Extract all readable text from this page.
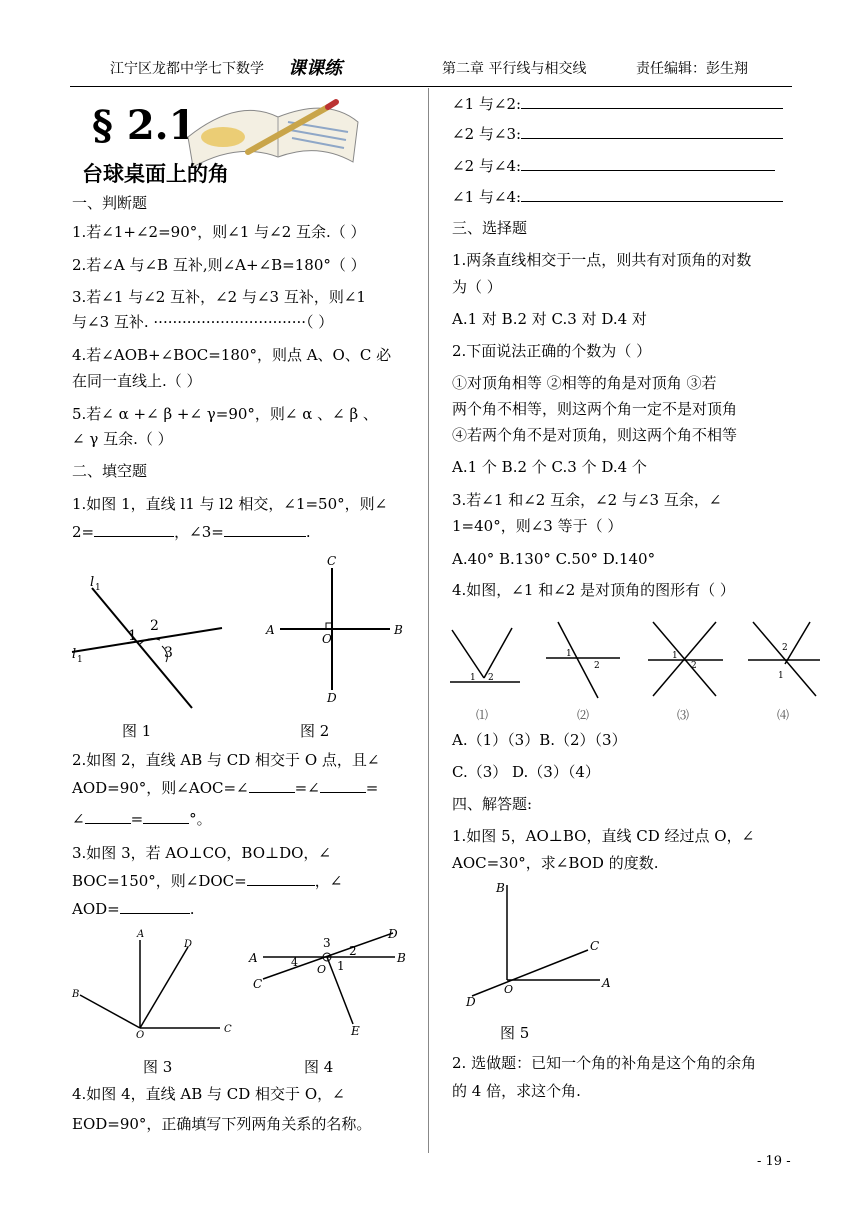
江宁区龙都中学七下数学 课课练	第二章 平行线与相交线	责任编辑：彭生翔
§ 2.1
台球桌面上的角
一、判断题
1.若∠1+∠2=90°，则∠1 与∠2 互余.（ ）
2.若∠A 与∠B 互补,则∠A+∠B=180°（ ）
3.若∠1 与∠2 互补，∠2 与∠3 互补，则∠1
与∠3 互补. ································（ ）
4.若∠AOB+∠BOC=180°，则点 A、O、C 必
在同一直线上.（ ）
5.若∠ α +∠ β +∠ γ=90°，则∠ α 、∠ β 、
∠ γ 互余.（ ）
二、填空题
1.如图 1，直线 l1 与 l2 相交，∠1=50°，则∠
2=	，∠3=	.
l 1
l 1
1
2
3
C
A	B
O
D
图 1	图 2
2.如图 2，直线 AB 与 CD 相交于 O 点，且∠
AOD=90°，则∠AOC=∠	=∠	=
∠	=	°。
3.如图 3，若 AO⊥CO，BO⊥DO，∠
BOC=150°，则∠DOC=	，∠
AOD=	.
A
D
B
C
O
A	B
C
D
E
O
3
2
1
4
图 3	图 4
4.如图 4，直线 AB 与 CD 相交于 O，∠
EOD=90°，正确填写下列两角关系的名称。
∠1 与∠2:
∠2 与∠3:
∠2 与∠4:
∠1 与∠4:
三、选择题
1.两条直线相交于一点，则共有对顶角的对数
为（ ）
A.1 对 B.2 对 C.3 对 D.4 对
2.下面说法正确的个数为（ ）
①对顶角相等 ②相等的角是对顶角 ③若
两个角不相等，则这两个角一定不是对顶角
④若两个角不是对顶角，则这两个角不相等
A.1 个 B.2 个 C.3 个 D.4 个
3.若∠1 和∠2 互余，∠2 与∠3 互余，∠
1=40°，则∠3 等于（ ）
A.40° B.130° C.50° D.140°
4.如图，∠1 和∠2 是对顶角的图形有（ ）
1 2
1
2
1
2
2
1
⑴	⑵	⑶	⑷
A.（1）（3）B.（2）（3）
C.（3） D.（3）（4）
四、解答题:
1.如图 5，AO⊥BO，直线 CD 经过点 O，∠
AOC=30°，求∠BOD 的度数.
B
C
A
D
O
图 5
2. 选做题：已知一个角的补角是这个角的余角
的 4 倍，求这个角.
- 19 -
